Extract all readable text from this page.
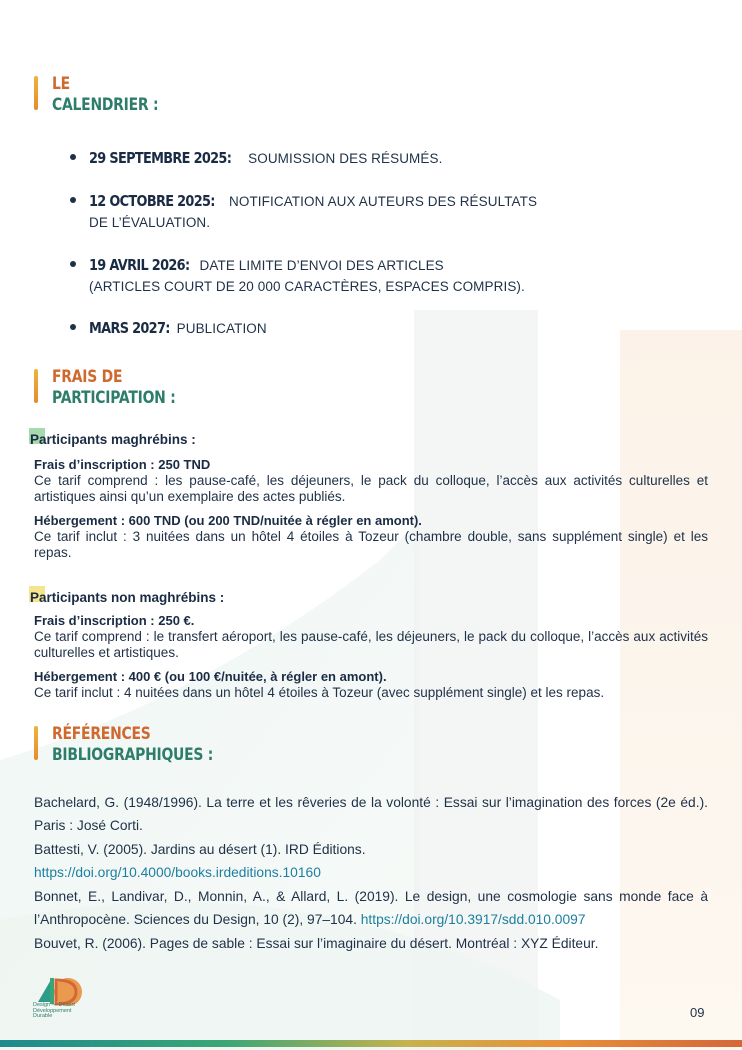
LE
CALENDRIER :
29 SEPTEMBRE 2025: SOUMISSION DES RÉSUMÉS.
12 OCTOBRE 2025: NOTIFICATION AUX AUTEURS DES RÉSULTATS
DE L’ÉVALUATION.
19 AVRIL 2026: DATE LIMITE D’ENVOI DES ARTICLES
(ARTICLES COURT DE 20 000 CARACTÈRES, ESPACES COMPRIS).
MARS 2027: PUBLICATION
FRAIS DE
PARTICIPATION :
Participants maghrébins :
Frais d’inscription : 250 TND
Ce tarif comprend : les pause-café, les déjeuners, le pack du colloque, l’accès aux activités culturelles et artistiques ainsi qu’un exemplaire des actes publiés.
Hébergement : 600 TND (ou 200 TND/nuitée à régler en amont).
Ce tarif inclut : 3 nuitées dans un hôtel 4 étoiles à Tozeur (chambre double, sans supplément single) et les repas.
Participants non maghrébins :
Frais d’inscription : 250 €.
Ce tarif comprend : le transfert aéroport, les pause-café, les déjeuners, le pack du colloque, l’accès aux activités culturelles et artistiques.
Hébergement : 400 € (ou 100 €/nuitée, à régler en amont).
Ce tarif inclut : 4 nuitées dans un hôtel 4 étoiles à Tozeur (avec supplément single) et les repas.
RÉFÉRENCES
BIBLIOGRAPHIQUES :
Bachelard, G. (1948/1996). La terre et les rêveries de la volonté : Essai sur l’imagination des forces (2e éd.). Paris : José Corti.
Battesti, V. (2005). Jardins au désert (1). IRD Éditions.
https://doi.org/10.4000/books.irdeditions.10160
Bonnet, E., Landivar, D., Monnin, A., & Allard, L. (2019). Le design, une cosmologie sans monde face à l’Anthropocène. Sciences du Design, 10 (2), 97–104. https://doi.org/10.3917/sdd.010.0097
Bouvet, R. (2006). Pages de sable : Essai sur l’imaginaire du désert. Montréal : XYZ Éditeur.
Design — Désert
Développement
Durable	09
